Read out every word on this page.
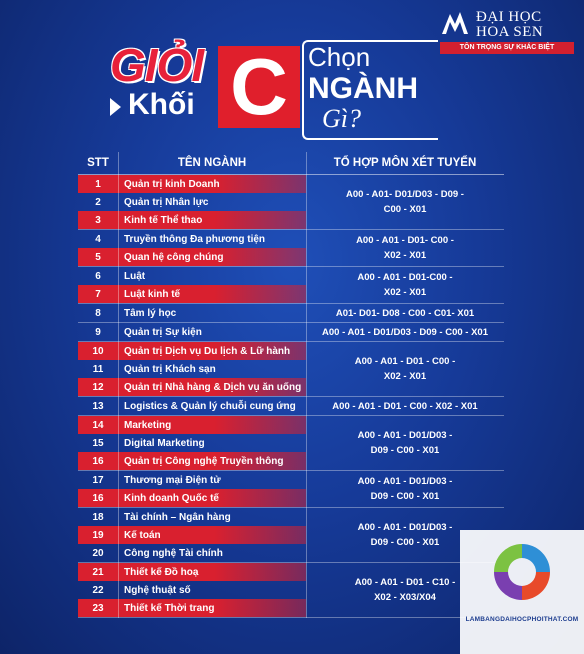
ĐẠI HỌC
HOA SEN
TÔN TRỌNG SỰ KHÁC BIỆT
GIỎI
Khối C Chọn
NGÀNH
Gì?
STT	TÊN NGÀNH	TỔ HỢP MÔN XÉT TUYỂN
1	Quản trị kinh Doanh
2	Quản trị Nhân lực
3	Kinh tế Thể thao
A00 - A01- D01/D03 - D09 -
C00 - X01
4	Truyền thông Đa phương tiện
5	Quan hệ công chúng
A00 - A01 - D01- C00 -
X02 - X01
6	Luật
7	Luật kinh tế
A00 - A01 - D01-C00 -
X02 - X01
8	Tâm lý học	A01- D01- D08 - C00 - C01- X01
9	Quản trị Sự kiện	A00 - A01 - D01/D03 - D09 - C00 - X01
10	Quản trị Dịch vụ Du lịch & Lữ hành
11	Quản trị Khách sạn
12	Quản trị Nhà hàng & Dịch vụ ăn uống
A00 - A01 - D01 - C00 -
X02 - X01
13	Logistics & Quản lý chuỗi cung ứng	A00 - A01 - D01 - C00 - X02 - X01
14	Marketing
15	Digital Marketing
16	Quản trị Công nghệ Truyền thông
A00 - A01 - D01/D03 -
D09 - C00 - X01
17	Thương mại Điện tử
16	Kinh doanh Quốc tế
A00 - A01 - D01/D03 -
D09 - C00 - X01
18	Tài chính – Ngân hàng
19	Kế toán
20	Công nghệ Tài chính
A00 - A01 - D01/D03 -
D09 - C00 - X01
21	Thiết kế Đồ hoạ
22	Nghệ thuật số
23	Thiết kế Thời trang
A00 - A01 - D01 - C10 -
X02 - X03/X04
LAMBANGDAIHOCPHOITHAT.COM
